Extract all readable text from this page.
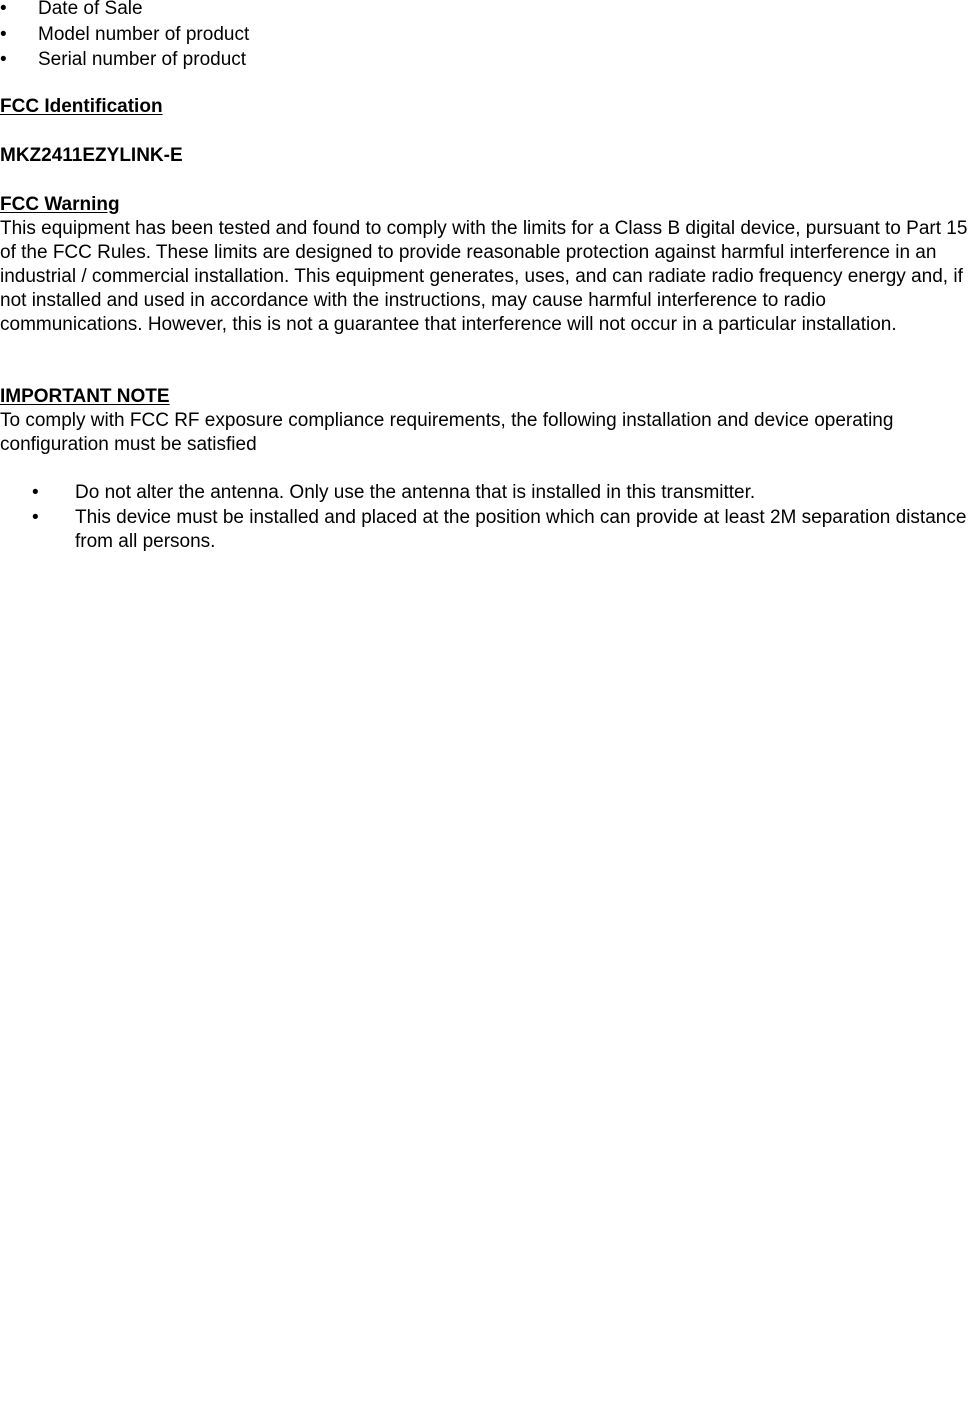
• Date of Sale
• Model number of product
• Serial number of product
FCC Identification
MKZ2411EZYLINK-E
FCC Warning

This equipment has been tested and found to comply with the limits for a Class B digital device, pursuant to Part 15 of the FCC Rules. These limits are designed to provide reasonable protection against harmful interference in an industrial / commercial installation. This equipment generates, uses, and can radiate radio frequency energy and, if not installed and used in accordance with the instructions, may cause harmful interference to radio communications. However, this is not a guarantee that interference will not occur in a particular installation.

IMPORTANT NOTE

To comply with FCC RF exposure compliance requirements, the following installation and device operating configuration must be satisfied

• Do not alter the antenna. Only use the antenna that is installed in this transmitter.
• This device must be installed and placed at the position which can provide at least 2M separation distance from all persons.
